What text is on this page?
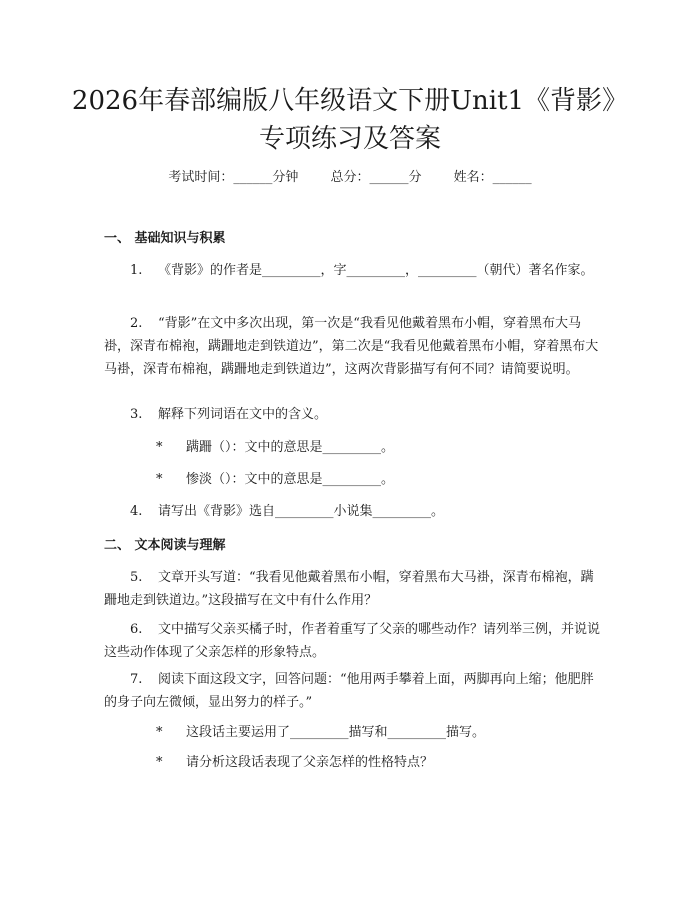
2026年春部编版八年级语文下册Unit1《背影》专项练习及答案
考试时间：______分钟 总分：______分 姓名：______
一、 基础知识与积累

1. 《背影》的作者是_________，字_________，_________（朝代）著名作家。

2. “背影”在文中多次出现，第一次是“我看见他戴着黑布小帽，穿着黑布大马褂，深青布棉袍，蹒跚地走到铁道边”，第二次是“我看见他戴着黑布小帽，穿着黑布大马褂，深青布棉袍，蹒跚地走到铁道边”，这两次背影描写有何不同？请简要说明。

3. 解释下列词语在文中的含义。

* 蹒跚（）：文中的意思是_________。
* 惨淡（）：文中的意思是_________。

4. 请写出《背影》选自_________小说集_________。

二、 文本阅读与理解

5. 文章开头写道：“我看见他戴着黑布小帽，穿着黑布大马褂，深青布棉袍，蹒跚地走到铁道边。”这段描写在文中有什么作用？

6. 文中描写父亲买橘子时，作者着重写了父亲的哪些动作？请列举三例，并说说这些动作体现了父亲怎样的形象特点。

7. 阅读下面这段文字，回答问题：“他用两手攀着上面，两脚再向上缩；他肥胖的身子向左微倾，显出努力的样子。”

* 这段话主要运用了_________描写和_________描写。
* 请分析这段话表现了父亲怎样的性格特点？
